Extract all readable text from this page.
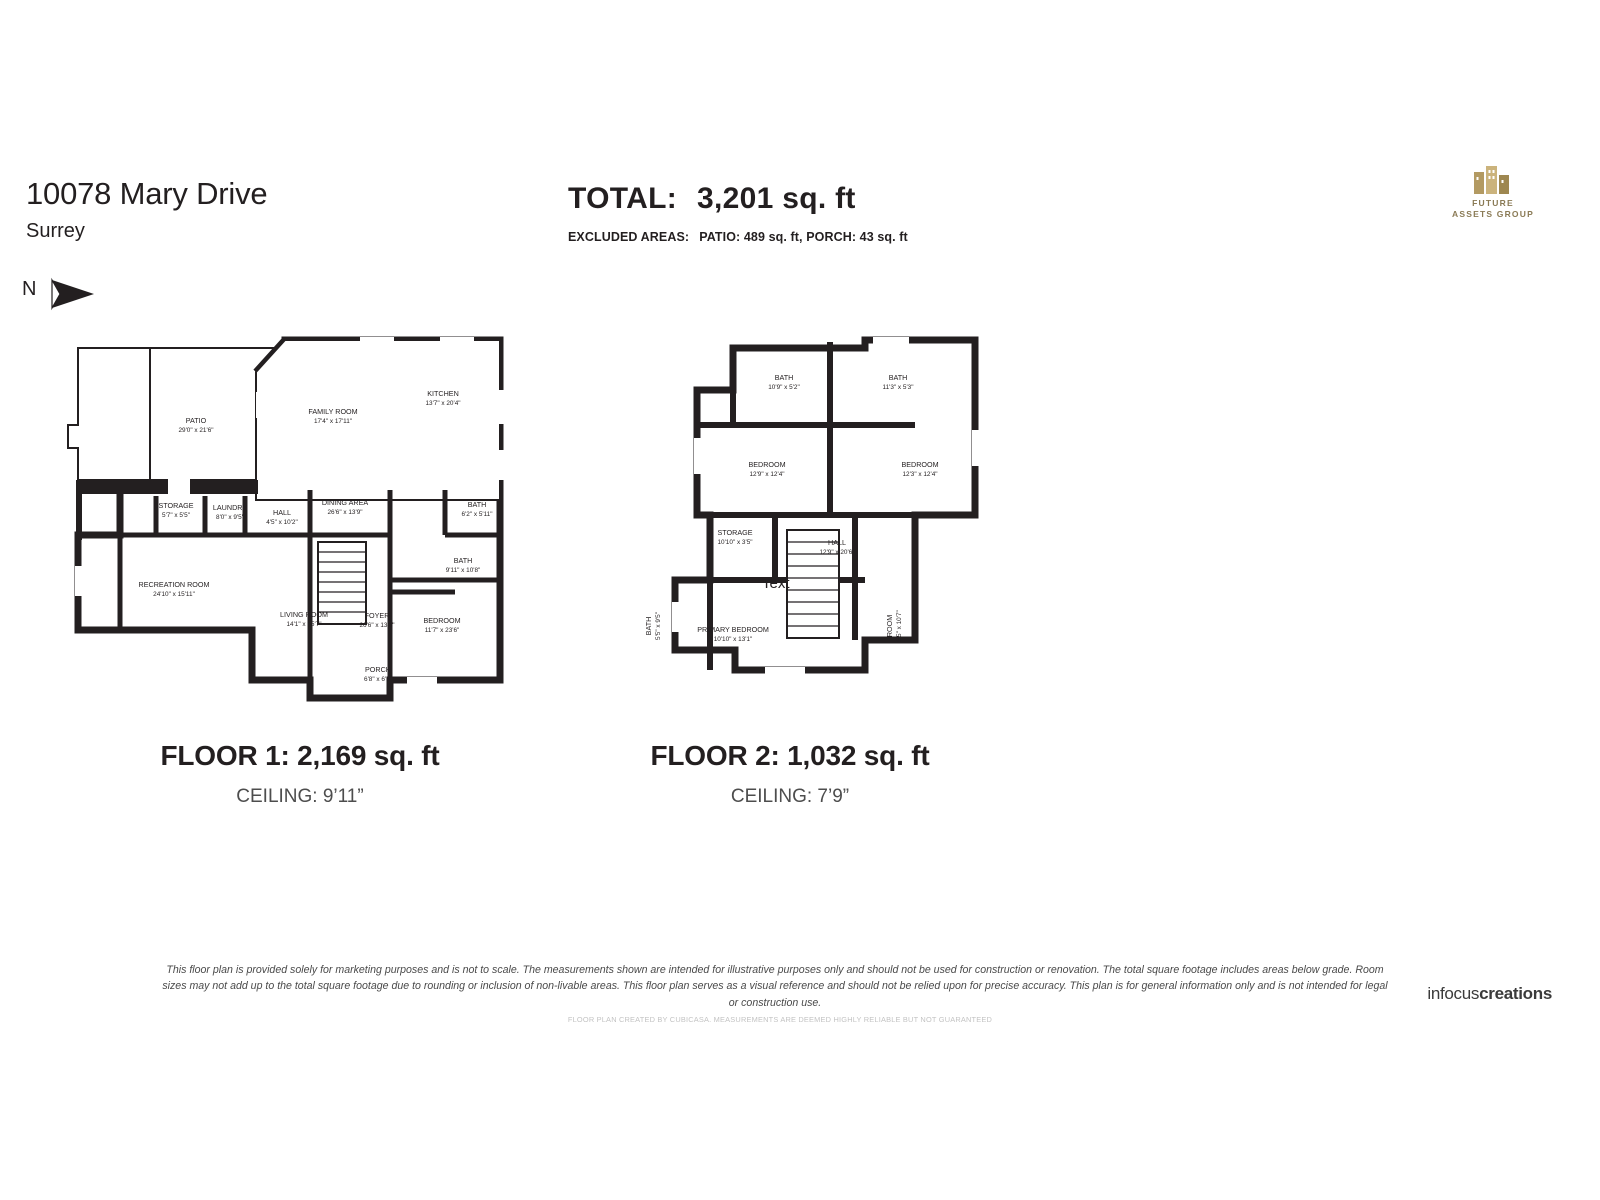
10078 Mary Drive
Surrey
N
TOTAL: 3,201 sq. ft
EXCLUDED AREAS: PATIO: 489 sq. ft, PORCH: 43 sq. ft
FUTURE
ASSETS GROUP
PATIO
29'0" x 21'6"
FAMILY ROOM
17'4" x 17'11"
KITCHEN
13'7" x 20'4"
STORAGE
5'7" x 5'5"
LAUNDRY
8'0" x 9'5"
HALL
4'5" x 10'2"
DINING AREA
26'6" x 13'9"
BATH
6'2" x 5'11"
BATH
9'11" x 10'8"
RECREATION ROOM
24'10" x 15'11"
LIVING ROOM
14'1" x 15'7"
FOYER
26'6" x 13'9"
BEDROOM
11'7" x 23'6"
PORCH
6'8" x 6'5"
BATH
10'9" x 5'2"
BATH
11'3" x 5'3"
BEDROOM
12'9" x 12'4"
BEDROOM
12'3" x 12'4"
STORAGE
10'10" x 3'5"	HALL
12'9" x 20'6"
PRIMARY BEDROOM
10'10" x 13'1"
BATH 5'5" x 9'5"	ROOM 5'5" x 10'7"
Text
FLOOR 1: 2,169 sq. ft
CEILING: 9’11”
FLOOR 2: 1,032 sq. ft
CEILING: 7’9”
This floor plan is provided solely for marketing purposes and is not to scale. The measurements shown are intended for illustrative purposes only and should not be used for construction or renovation. The total square footage includes areas below grade. Room sizes may not add up to the total square footage due to rounding or inclusion of non-livable areas. This floor plan serves as a visual reference and should not be relied upon for precise accuracy. This plan is for general information only and is not intended for legal or construction use.
FLOOR PLAN CREATED BY CUBICASA. MEASUREMENTS ARE DEEMED HIGHLY RELIABLE BUT NOT GUARANTEED
infocuscreations
